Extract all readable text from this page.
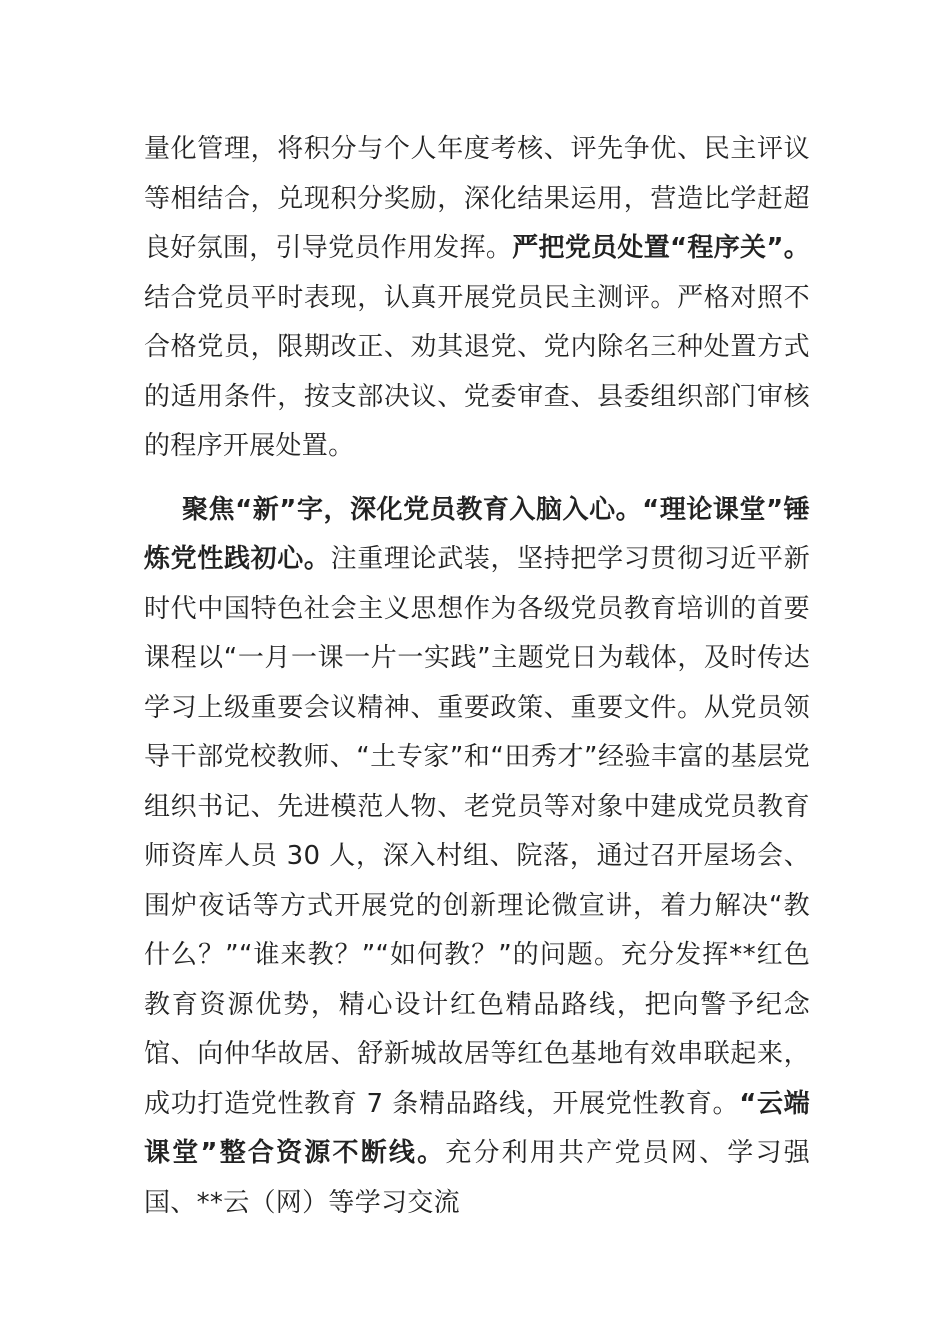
量化管理，将积分与个人年度考核、评先争优、民主评议等相结合，兑现积分奖励，深化结果运用，营造比学赶超良好氛围，引导党员作用发挥。严把党员处置“程序关”。结合党员平时表现，认真开展党员民主测评。严格对照不合格党员，限期改正、劝其退党、党内除名三种处置方式的适用条件，按支部决议、党委审查、县委组织部门审核的程序开展处置。

聚焦“新”字，深化党员教育入脑入心。“理论课堂”锤炼党性践初心。注重理论武装，坚持把学习贯彻习近平新时代中国特色社会主义思想作为各级党员教育培训的首要课程以“一月一课一片一实践”主题党日为载体，及时传达学习上级重要会议精神、重要政策、重要文件。从党员领导干部党校教师、“土专家”和“田秀才”经验丰富的基层党组织书记、先进模范人物、老党员等对象中建成党员教育师资库人员 30 人，深入村组、院落，通过召开屋场会、围炉夜话等方式开展党的创新理论微宣讲，着力解决“教什么？”“谁来教？”“如何教？”的问题。充分发挥**红色教育资源优势，精心设计红色精品路线，把向警予纪念馆、向仲华故居、舒新城故居等红色基地有效串联起来，成功打造党性教育 7 条精品路线，开展党性教育。“云端课堂”整合资源不断线。充分利用共产党员网、学习强国、**云（网）等学习交流
